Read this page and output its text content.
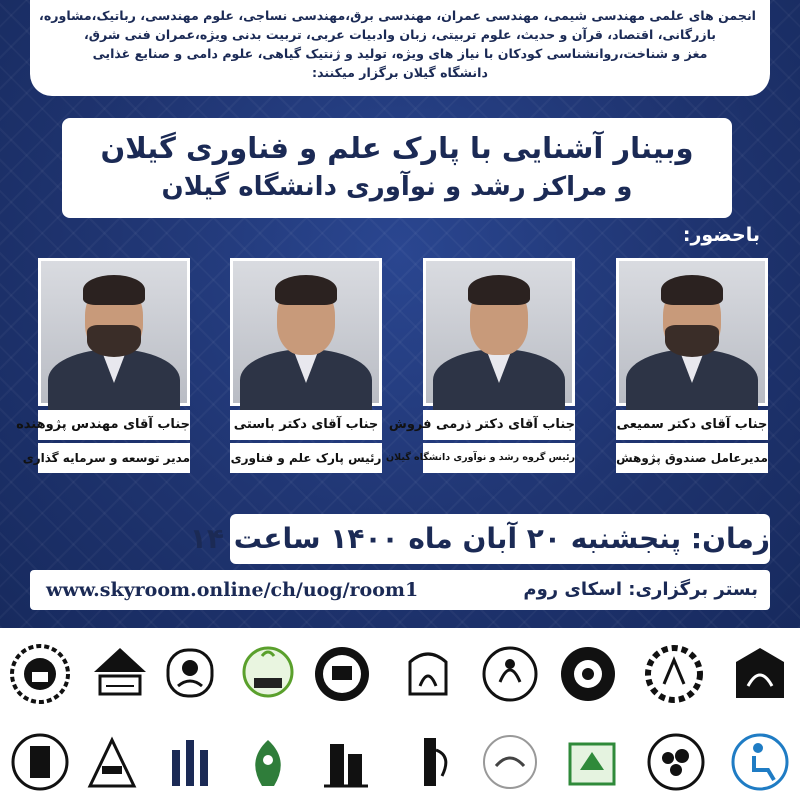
انجمن های علمی مهندسی شیمی، مهندسی عمران، مهندسی برق،مهندسی نساجی، علوم مهندسی، رباتیک،مشاوره،
بازرگانی، اقتصاد، قرآن و حدیث، علوم تربیتی، زبان وادبیات عربی، تربیت بدنی ویژه،عمران فنی شرق،
مغز و شناخت،روانشناسی کودکان با نیاز های ویژه، تولید و ژنتیک گیاهی، علوم دامی و صنایع غذایی
دانشگاه گیلان برگزار میکنند:
وبینار آشنایی با پارک علم و فناوری گیلان
و مراکز رشد و نوآوری دانشگاه گیلان
باحضور:
جناب آقای دکتر سمیعی
مدیرعامل صندوق پژوهش
جناب آقای دکتر ذرمی فروش
رئیس گروه رشد و نوآوری دانشگاه گیلان
جناب آقای دکتر باستی
رئیس پارک علم و فناوری
جناب آقای مهندس پژوهنده
مدیر توسعه و سرمایه گذاری
زمان: پنجشنبه ۲۰ آبان ماه ۱۴۰۰ ساعت ۱۴
بستر برگزاری: اسکای روم
www.skyroom.online/ch/uog/room1
